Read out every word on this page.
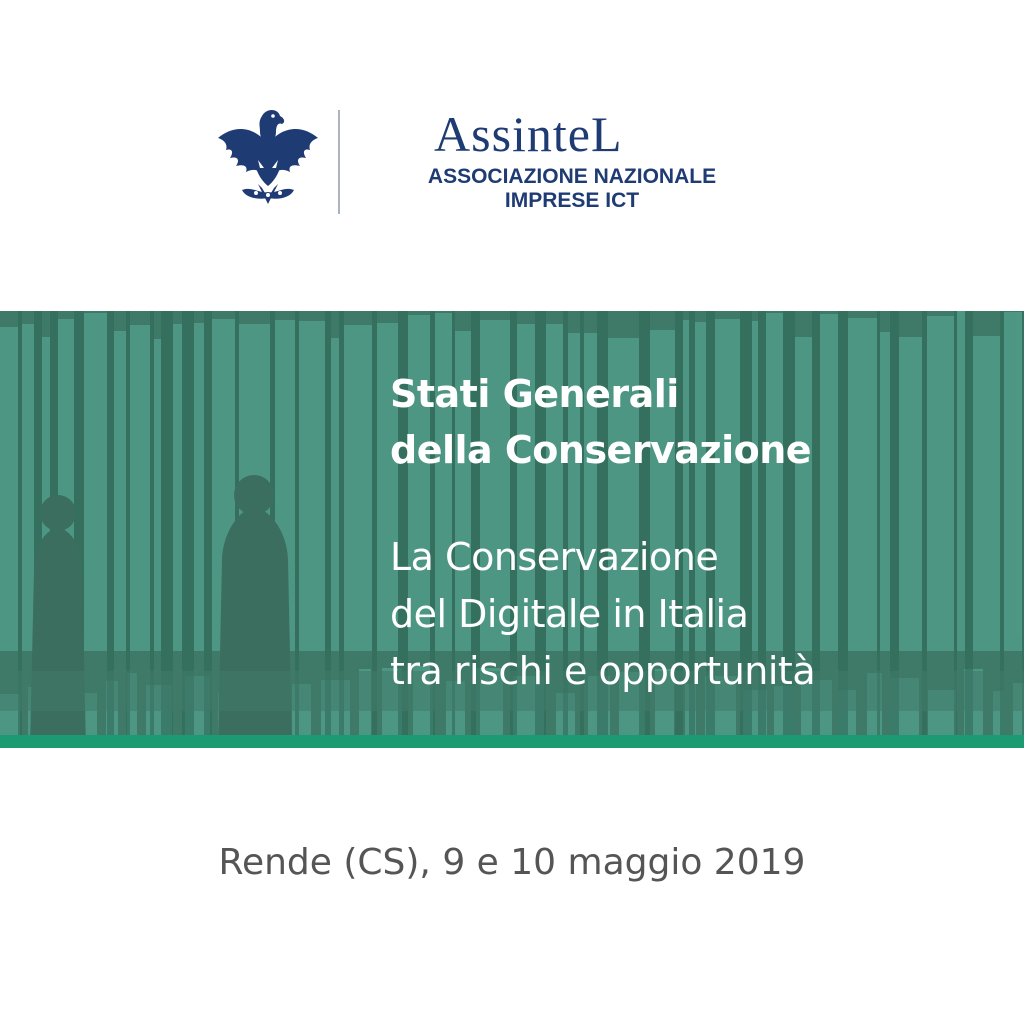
AssinteL
ASSOCIAZIONE NAZIONALE
IMPRESE ICT
Stati Generali
della Conservazione
La Conservazione
del Digitale in Italia
tra rischi e opportunità
Rende (CS), 9 e 10 maggio 2019
